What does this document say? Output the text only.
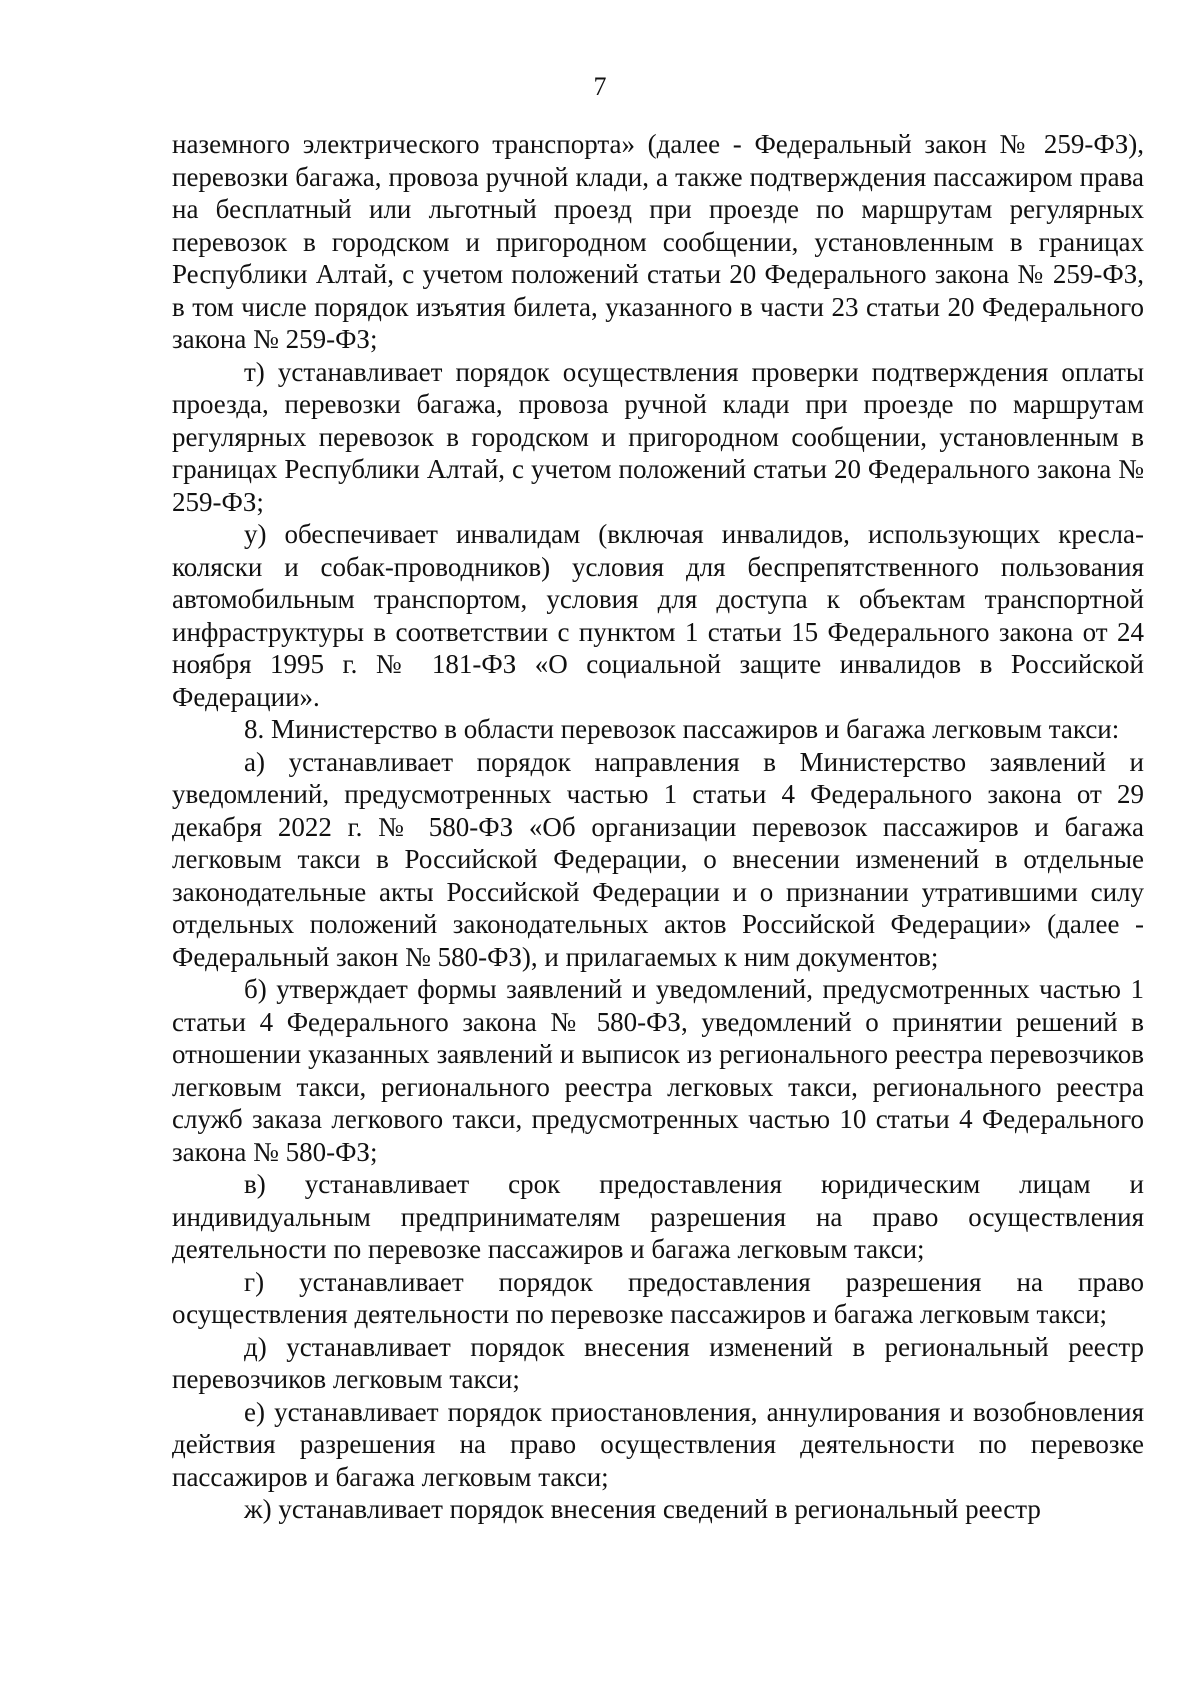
7

наземного электрического транспорта» (далее - Федеральный закон № 259-ФЗ), перевозки багажа, провоза ручной клади, а также подтверждения пассажиром права на бесплатный или льготный проезд при проезде по маршрутам регулярных перевозок в городском и пригородном сообщении, установленным в границах Республики Алтай, с учетом положений статьи 20 Федерального закона № 259-ФЗ, в том числе порядок изъятия билета, указанного в части 23 статьи 20 Федерального закона № 259-ФЗ;

т) устанавливает порядок осуществления проверки подтверждения оплаты проезда, перевозки багажа, провоза ручной клади при проезде по маршрутам регулярных перевозок в городском и пригородном сообщении, установленным в границах Республики Алтай, с учетом положений статьи 20 Федерального закона № 259-ФЗ;

у) обеспечивает инвалидам (включая инвалидов, использующих кресла-коляски и собак-проводников) условия для беспрепятственного пользования автомобильным транспортом, условия для доступа к объектам транспортной инфраструктуры в соответствии с пунктом 1 статьи 15 Федерального закона от 24 ноября 1995 г. № 181-ФЗ «О социальной защите инвалидов в Российской Федерации».

8. Министерство в области перевозок пассажиров и багажа легковым такси:

а) устанавливает порядок направления в Министерство заявлений и уведомлений, предусмотренных частью 1 статьи 4 Федерального закона от 29 декабря 2022 г. № 580-ФЗ «Об организации перевозок пассажиров и багажа легковым такси в Российской Федерации, о внесении изменений в отдельные законодательные акты Российской Федерации и о признании утратившими силу отдельных положений законодательных актов Российской Федерации» (далее - Федеральный закон № 580-ФЗ), и прилагаемых к ним документов;

б) утверждает формы заявлений и уведомлений, предусмотренных частью 1 статьи 4 Федерального закона № 580-ФЗ, уведомлений о принятии решений в отношении указанных заявлений и выписок из регионального реестра перевозчиков легковым такси, регионального реестра легковых такси, регионального реестра служб заказа легкового такси, предусмотренных частью 10 статьи 4 Федерального закона № 580-ФЗ;

в) устанавливает срок предоставления юридическим лицам и индивидуальным предпринимателям разрешения на право осуществления деятельности по перевозке пассажиров и багажа легковым такси;

г) устанавливает порядок предоставления разрешения на право осуществления деятельности по перевозке пассажиров и багажа легковым такси;

д) устанавливает порядок внесения изменений в региональный реестр перевозчиков легковым такси;

е) устанавливает порядок приостановления, аннулирования и возобновления действия разрешения на право осуществления деятельности по перевозке пассажиров и багажа легковым такси;

ж) устанавливает порядок внесения сведений в региональный реестр
